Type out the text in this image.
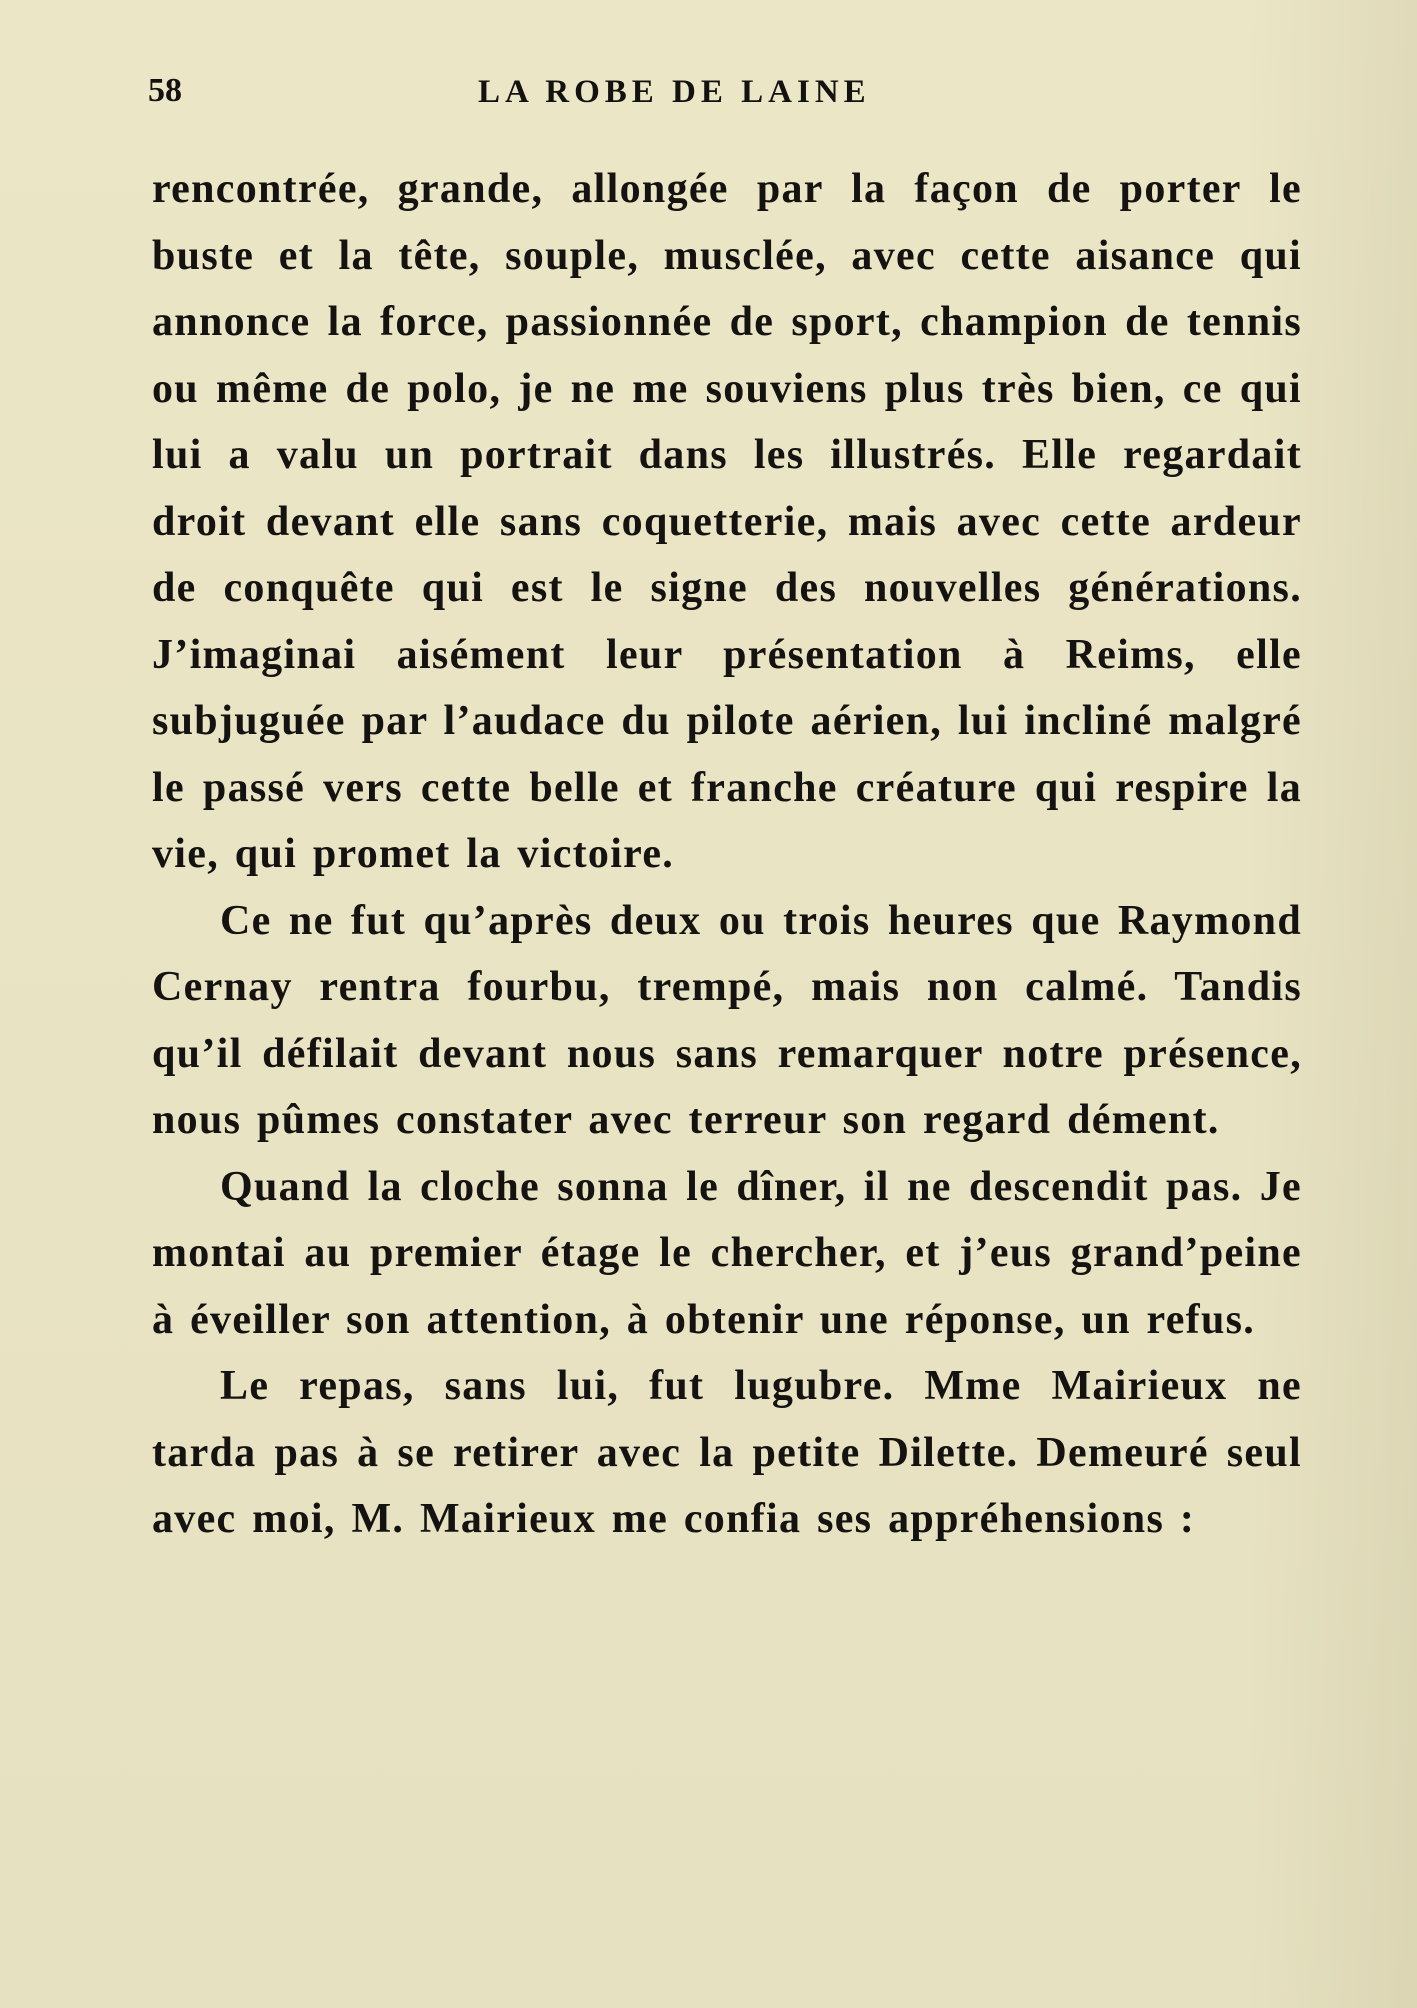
58	LA ROBE DE LAINE

rencontrée, grande, allongée par la façon de porter le buste et la tête, souple, musclée, avec cette aisance qui annonce la force, passionnée de sport, champion de tennis ou même de polo, je ne me souviens plus très bien, ce qui lui a valu un portrait dans les illustrés. Elle regardait droit devant elle sans coquetterie, mais avec cette ardeur de conquête qui est le signe des nouvelles générations. J’imaginai aisément leur présentation à Reims, elle subjuguée par l’audace du pilote aérien, lui incliné malgré le passé vers cette belle et franche créature qui respire la vie, qui promet la victoire.

Ce ne fut qu’après deux ou trois heures que Raymond Cernay rentra fourbu, trempé, mais non calmé. Tandis qu’il défilait devant nous sans remarquer notre présence, nous pûmes constater avec terreur son regard dément.

Quand la cloche sonna le dîner, il ne descendit pas. Je montai au premier étage le chercher, et j’eus grand’peine à éveiller son attention, à obtenir une réponse, un refus.

Le repas, sans lui, fut lugubre. Mme Mairieux ne tarda pas à se retirer avec la petite Dilette. Demeuré seul avec moi, M. Mairieux me confia ses appréhensions :
